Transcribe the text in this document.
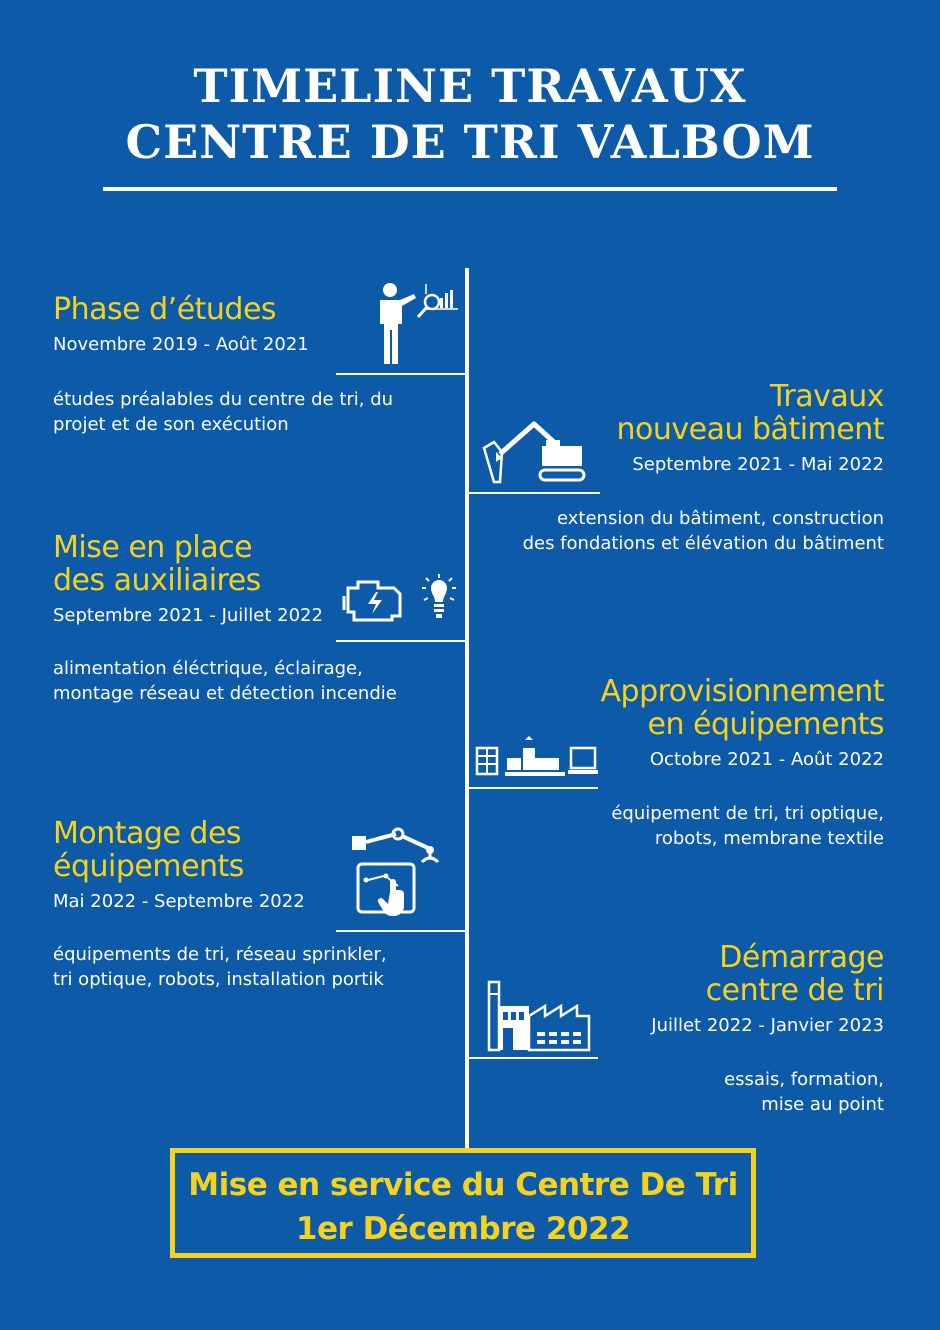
TIMELINE TRAVAUX
CENTRE DE TRI VALBOM
Phase d’études
Novembre 2019 - Août 2021
études préalables du centre de tri, du
projet et de son exécution
Travaux
nouveau bâtiment
Septembre 2021 - Mai 2022
extension du bâtiment, construction
des fondations et élévation du bâtiment
Mise en place
des auxiliaires
Septembre 2021 - Juillet 2022
alimentation éléctrique, éclairage,
montage réseau et détection incendie	Approvisionnement
en équipements
Octobre 2021 - Août 2022
équipement de tri, tri optique,
robots, membrane textile
Montage des
équipements
Mai 2022 - Septembre 2022
équipements de tri, réseau sprinkler,
tri optique, robots, installation portik
Démarrage
centre de tri
Juillet 2022 - Janvier 2023
essais, formation,
mise au point
Mise en service du Centre De Tri
1er Décembre 2022
